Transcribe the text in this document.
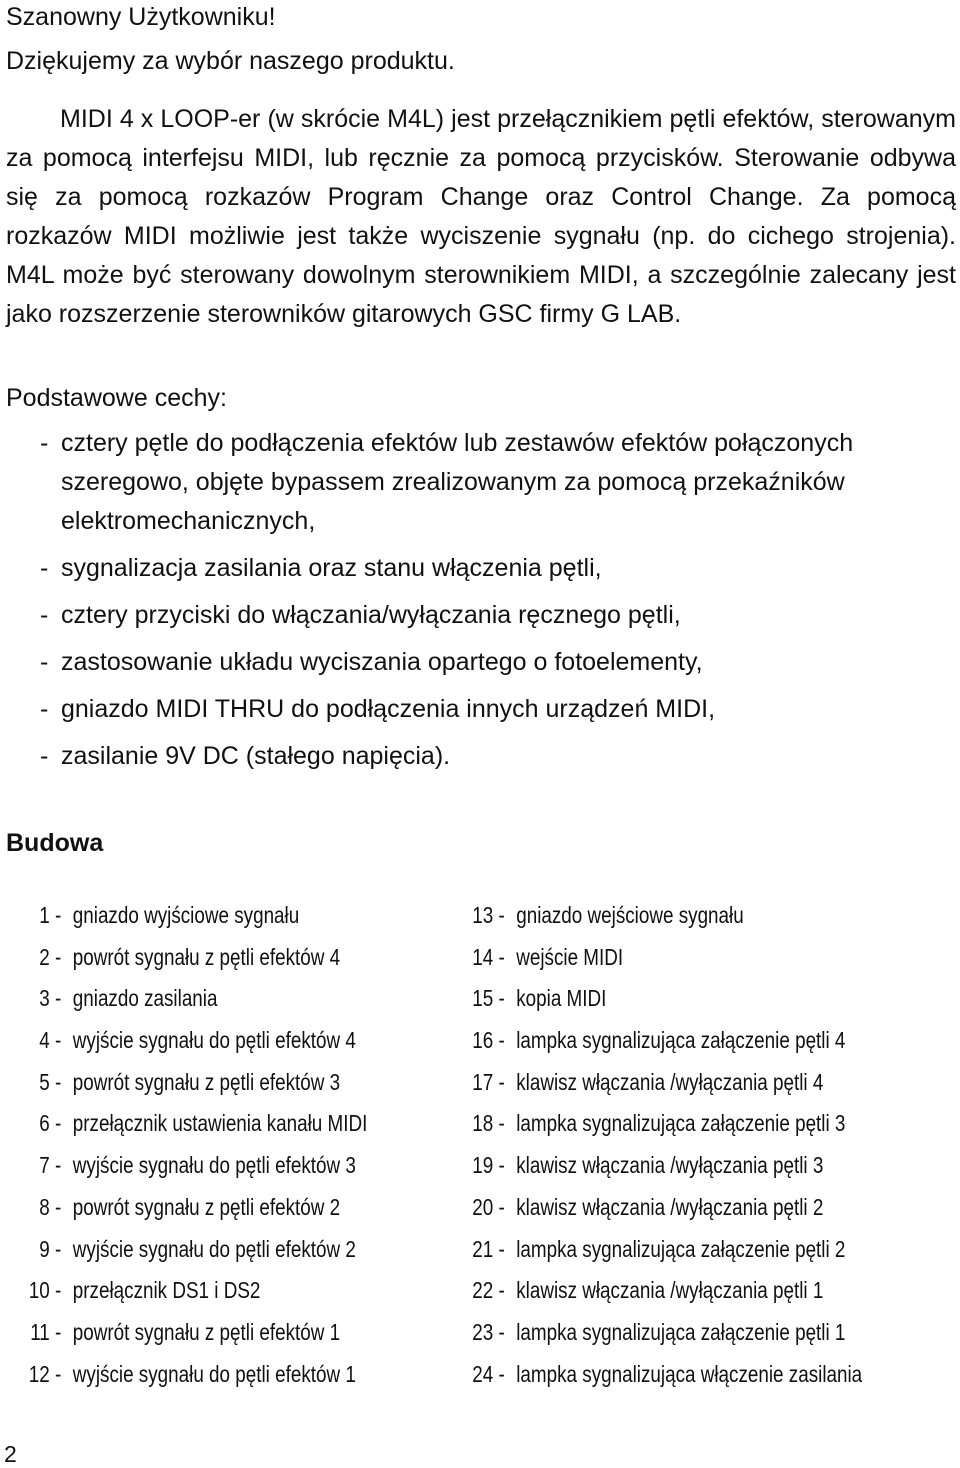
Szanowny Użytkowniku!
Dziękujemy za wybór naszego produktu.

MIDI 4 x LOOP-er (w skrócie M4L) jest przełącznikiem pętli efektów, sterowanym za pomocą interfejsu MIDI, lub ręcznie za pomocą przycisków. Sterowanie odbywa się za pomocą rozkazów Program Change oraz Control Change. Za pomocą rozkazów MIDI możliwie jest także wyciszenie sygnału (np. do cichego strojenia). M4L może być sterowany dowolnym sterownikiem MIDI, a szczególnie zalecany jest jako rozszerzenie sterowników gitarowych GSC firmy G LAB.

Podstawowe cechy:
- cztery pętle do podłączenia efektów lub zestawów efektów połączonych szeregowo, objęte bypassem zrealizowanym za pomocą przekaźników elektromechanicznych,
- sygnalizacja zasilania oraz stanu włączenia pętli,
- cztery przyciski do włączania/wyłączania ręcznego pętli,
- zastosowanie układu wyciszania opartego o fotoelementy,
- gniazdo MIDI THRU do podłączenia innych urządzeń MIDI,
- zasilanie 9V DC (stałego napięcia).
Budowa
1 - gniazdo wyjściowe sygnału
2 - powrót sygnału z pętli efektów 4
3 - gniazdo zasilania
4 - wyjście sygnału do pętli efektów 4
5 - powrót sygnału z pętli efektów 3
6 - przełącznik ustawienia kanału MIDI
7 - wyjście sygnału do pętli efektów 3
8 - powrót sygnału z pętli efektów 2
9 - wyjście sygnału do pętli efektów 2
10 - przełącznik DS1 i DS2
11 - powrót sygnału z pętli efektów 1
12 - wyjście sygnału do pętli efektów 1
13 - gniazdo wejściowe sygnału
14 - wejście MIDI
15 - kopia MIDI
16 - lampka sygnalizująca załączenie pętli 4
17 - klawisz włączania /wyłączania pętli 4
18 - lampka sygnalizująca załączenie pętli 3
19 - klawisz włączania /wyłączania pętli 3
20 - klawisz włączania /wyłączania pętli 2
21 - lampka sygnalizująca załączenie pętli 2
22 - klawisz włączania /wyłączania pętli 1
23 - lampka sygnalizująca załączenie pętli 1
24 - lampka sygnalizująca włączenie zasilania
2
